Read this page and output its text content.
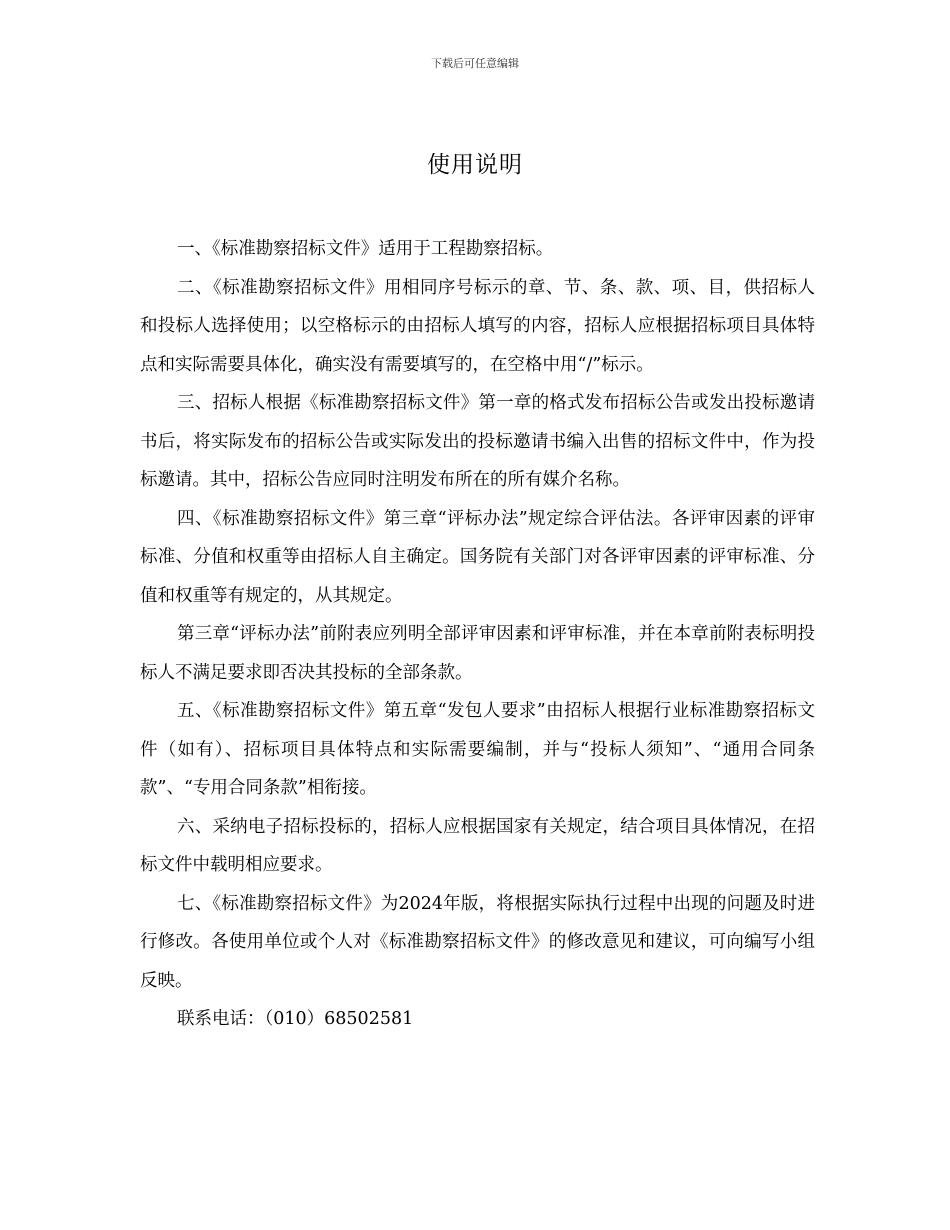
下载后可任意编辑
使用说明

一、《标准勘察招标文件》适用于工程勘察招标。

二、《标准勘察招标文件》用相同序号标示的章、节、条、款、项、目，供招标人和投标人选择使用；以空格标示的由招标人填写的内容，招标人应根据招标项目具体特点和实际需要具体化，确实没有需要填写的，在空格中用“/”标示。

三、招标人根据《标准勘察招标文件》第一章的格式发布招标公告或发出投标邀请书后，将实际发布的招标公告或实际发出的投标邀请书编入出售的招标文件中，作为投标邀请。其中，招标公告应同时注明发布所在的所有媒介名称。

四、《标准勘察招标文件》第三章“评标办法”规定综合评估法。各评审因素的评审标准、分值和权重等由招标人自主确定。国务院有关部门对各评审因素的评审标准、分值和权重等有规定的，从其规定。

第三章“评标办法”前附表应列明全部评审因素和评审标准，并在本章前附表标明投标人不满足要求即否决其投标的全部条款。

五、《标准勘察招标文件》第五章“发包人要求”由招标人根据行业标准勘察招标文件（如有）、招标项目具体特点和实际需要编制，并与“投标人须知”、“通用合同条款”、“专用合同条款”相衔接。

六、采纳电子招标投标的，招标人应根据国家有关规定，结合项目具体情况，在招标文件中载明相应要求。

七、《标准勘察招标文件》为2024年版，将根据实际执行过程中出现的问题及时进行修改。各使用单位或个人对《标准勘察招标文件》的修改意见和建议，可向编写小组反映。

联系电话：（010）68502581
